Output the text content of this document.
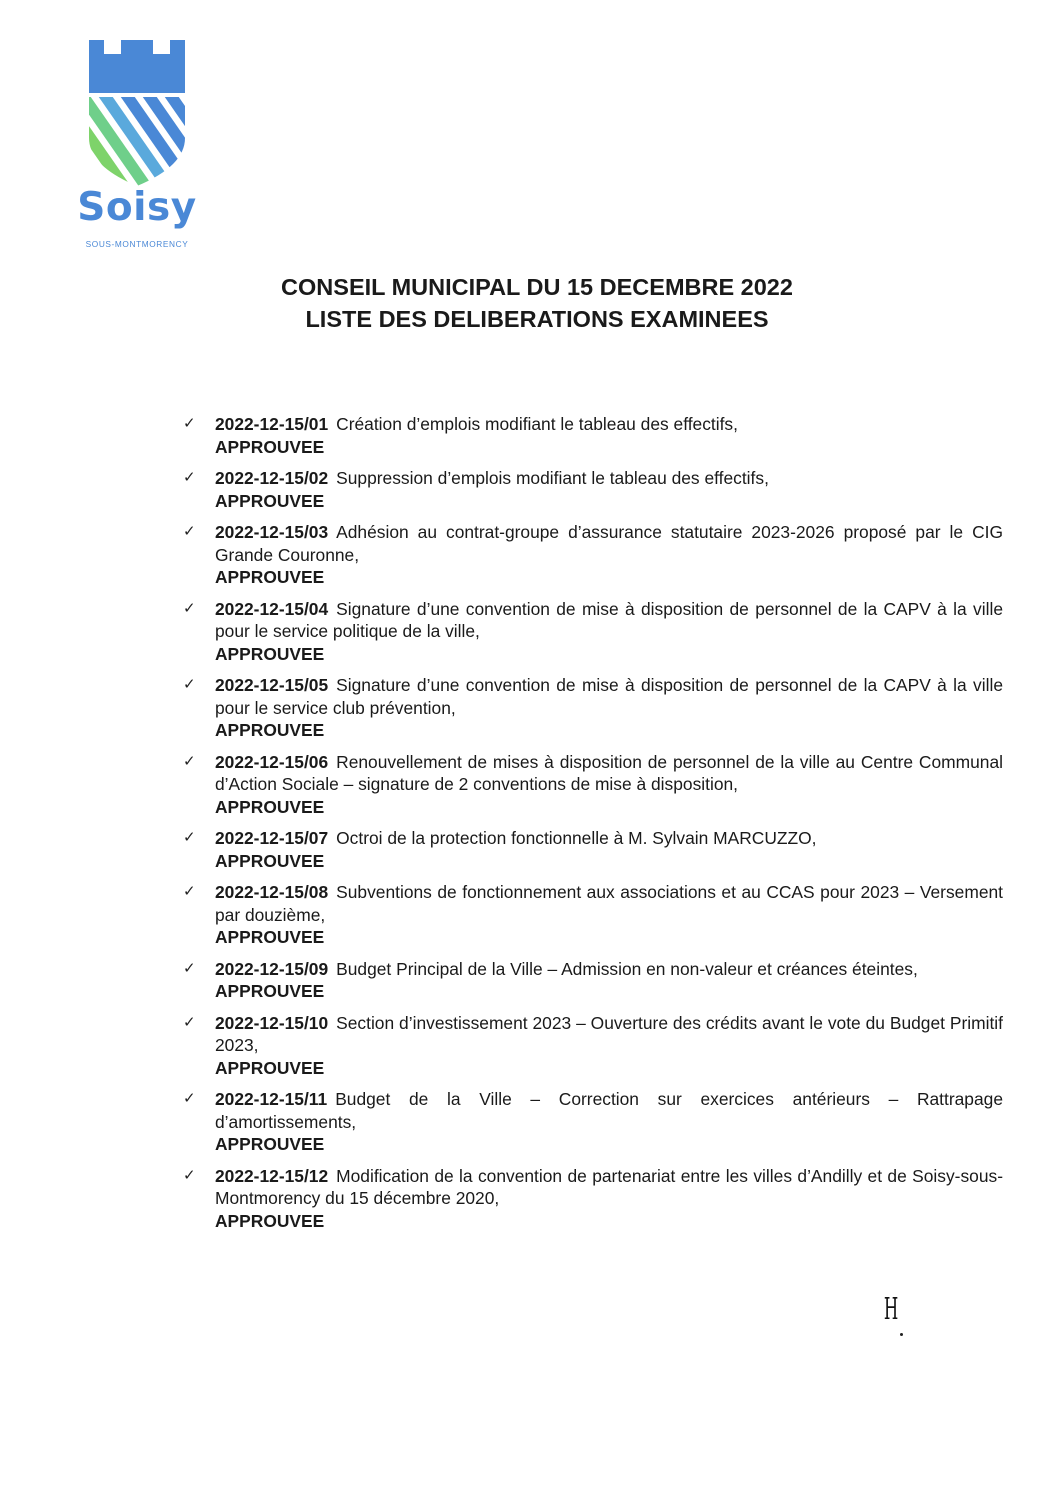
Soisy
SOUS-MONTMORENCY
CONSEIL MUNICIPAL DU 15 DECEMBRE 2022
LISTE DES DELIBERATIONS EXAMINEES
✓	2022-12-15/01 Création d’emplois modifiant le tableau des effectifs,
APPROUVEE
✓	2022-12-15/02 Suppression d’emplois modifiant le tableau des effectifs,
APPROUVEE
✓	2022-12-15/03 Adhésion au contrat-groupe d’assurance statutaire 2023-2026 proposé par le CIG Grande Couronne,
APPROUVEE
✓	2022-12-15/04 Signature d’une convention de mise à disposition de personnel de la CAPV à la ville pour le service politique de la ville,
APPROUVEE
✓	2022-12-15/05 Signature d’une convention de mise à disposition de personnel de la CAPV à la ville pour le service club prévention,
APPROUVEE
✓	2022-12-15/06 Renouvellement de mises à disposition de personnel de la ville au Centre Communal d’Action Sociale – signature de 2 conventions de mise à disposition,
APPROUVEE
✓	2022-12-15/07 Octroi de la protection fonctionnelle à M. Sylvain MARCUZZO,
APPROUVEE
✓	2022-12-15/08 Subventions de fonctionnement aux associations et au CCAS pour 2023 – Versement par douzième,
APPROUVEE
✓	2022-12-15/09 Budget Principal de la Ville – Admission en non-valeur et créances éteintes,
APPROUVEE
✓	2022-12-15/10 Section d’investissement 2023 – Ouverture des crédits avant le vote du Budget Primitif 2023,
APPROUVEE
✓	2022-12-15/11 Budget de la Ville – Correction sur exercices antérieurs – Rattrapage d’amortissements,
APPROUVEE
✓	2022-12-15/12 Modification de la convention de partenariat entre les villes d’Andilly et de Soisy-sous-Montmorency du 15 décembre 2020,
APPROUVEE
H
